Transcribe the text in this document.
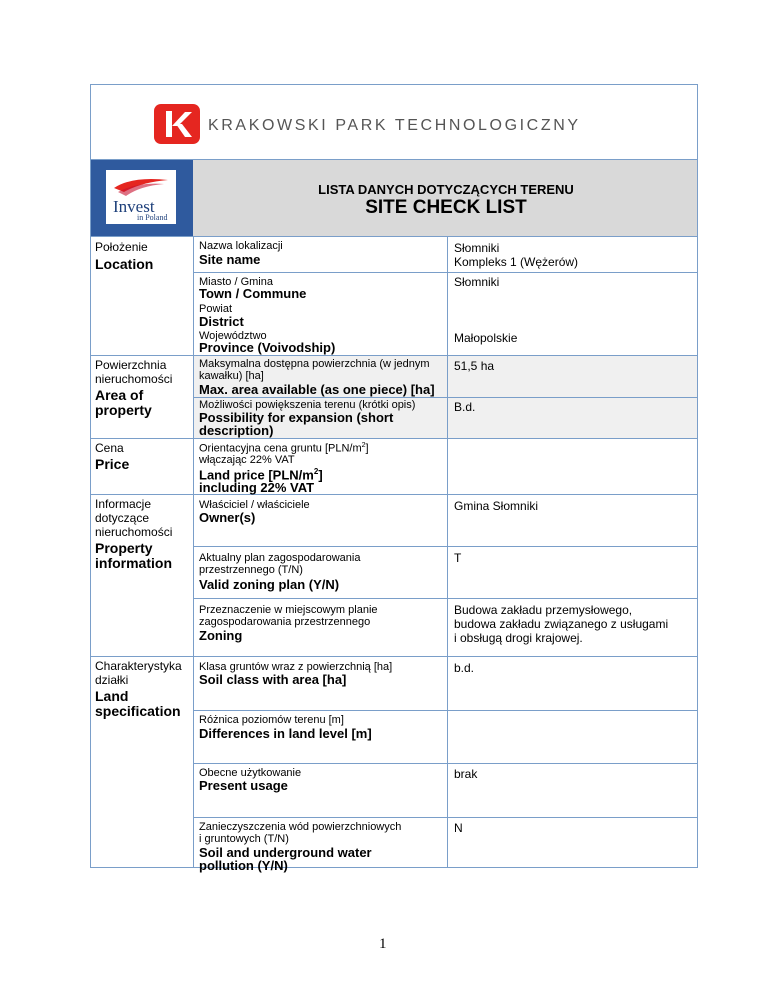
KRAKOWSKI PARK TECHNOLOGICZNY
Invest
in Poland
LISTA DANYCH DOTYCZĄCYCH TERENU
SITE CHECK LIST
Położenie
Location
Powierzchnia
nieruchomości
Area of
property
Cena
Price
Informacje
dotyczące
nieruchomości
Property
information
Charakterystyka
działki
Land
specification
Nazwa lokalizacji
Site name
Miasto / Gmina
Town / Commune
Powiat
District
Województwo
Province (Voivodship)
Maksymalna dostępna powierzchnia (w jednym
kawałku) [ha]
Max. area available (as one piece) [ha]
Możliwości powiększenia terenu (krótki opis)
Possibility for expansion (short
description)
Orientacyjna cena gruntu $[PLN/m^2]$
włączając 22% VAT
Land price $[PLN/m^2]$
including 22% VAT
Właściciel / właściciele
Owner(s)
Aktualny plan zagospodarowania
przestrzennego (T/N)
Valid zoning plan (Y/N)
Przeznaczenie w miejscowym planie
zagospodarowania przestrzennego
Zoning
Klasa gruntów wraz z powierzchnią [ha]
Soil class with area [ha]
Różnica poziomów terenu [m]
Differences in land level [m]
Obecne użytkowanie
Present usage
Zanieczyszczenia wód powierzchniowych
i gruntowych (T/N)
Soil and underground water
pollution (Y/N)
Słomniki
Kompleks 1 (Wężerów)
Słomniki
Małopolskie
51,5 ha
B.d.
Gmina Słomniki
T
Budowa zakładu przemysłowego,
budowa zakładu związanego z usługami
i obsługą drogi krajowej.
b.d.
brak
N
1
